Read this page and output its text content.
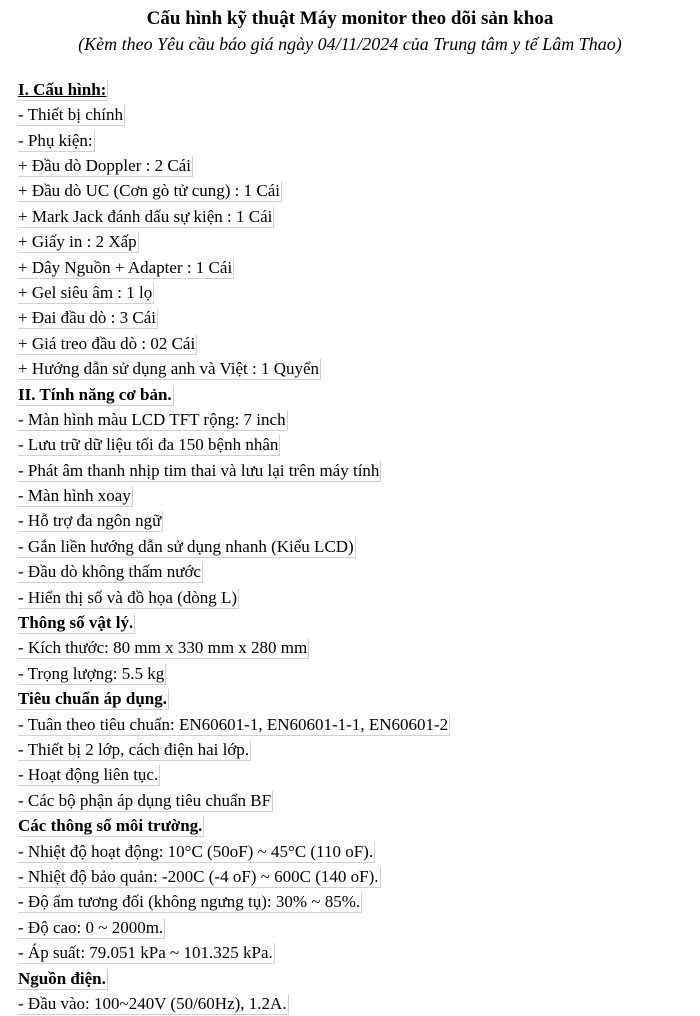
Cấu hình kỹ thuật Máy monitor theo dõi sản khoa

(Kèm theo Yêu cầu báo giá ngày 04/11/2024 của Trung tâm y tế Lâm Thao)

I. Cấu hình:
- Thiết bị chính
- Phụ kiện:
+ Đầu dò Doppler : 2 Cái
+ Đầu dò UC (Cơn gò tử cung) : 1 Cái
+ Mark Jack đánh dấu sự kiện : 1 Cái
+ Giấy in : 2 Xấp
+ Dây Nguồn + Adapter : 1 Cái
+ Gel siêu âm : 1 lọ
+ Đai đầu dò : 3 Cái
+ Giá treo đầu dò : 02 Cái
+ Hướng dẫn sử dụng anh và Việt : 1 Quyển
II. Tính năng cơ bản.
- Màn hình màu LCD TFT rộng: 7 inch
- Lưu trữ dữ liệu tối đa 150 bệnh nhân
- Phát âm thanh nhịp tim thai và lưu lại trên máy tính
- Màn hình xoay
- Hỗ trợ đa ngôn ngữ
- Gắn liền hướng dẫn sử dụng nhanh (Kiểu LCD)
- Đầu dò không thấm nước
- Hiển thị số và đồ họa (dòng L)
Thông số vật lý.
- Kích thước: 80 mm x 330 mm x 280 mm
- Trọng lượng: 5.5 kg
Tiêu chuẩn áp dụng.
- Tuân theo tiêu chuẩn: EN60601-1, EN60601-1-1, EN60601-2
- Thiết bị 2 lớp, cách điện hai lớp.
- Hoạt động liên tục.
- Các bộ phận áp dụng tiêu chuẩn BF
Các thông số môi trường.
- Nhiệt độ hoạt động: 10°C (50oF) ~ 45°C (110 oF).
- Nhiệt độ bảo quản: -200C (-4 oF) ~ 600C (140 oF).
- Độ ẩm tương đối (không ngưng tụ): 30% ~ 85%.
- Độ cao: 0 ~ 2000m.
- Áp suất: 79.051 kPa ~ 101.325 kPa.
Nguồn điện.
- Đầu vào: 100~240V (50/60Hz), 1.2A.
